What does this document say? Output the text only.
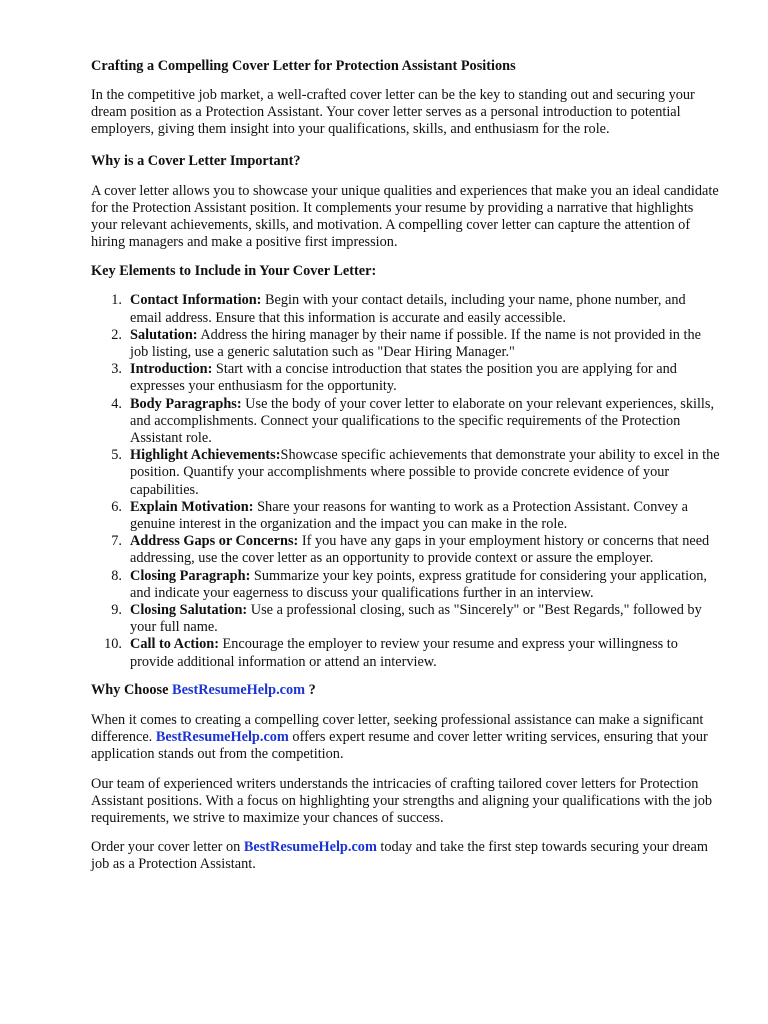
Crafting a Compelling Cover Letter for Protection Assistant Positions

In the competitive job market, a well-crafted cover letter can be the key to standing out and securing your dream position as a Protection Assistant. Your cover letter serves as a personal introduction to potential employers, giving them insight into your qualifications, skills, and enthusiasm for the role.

Why is a Cover Letter Important?

A cover letter allows you to showcase your unique qualities and experiences that make you an ideal candidate for the Protection Assistant position. It complements your resume by providing a narrative that highlights your relevant achievements, skills, and motivation. A compelling cover letter can capture the attention of hiring managers and make a positive first impression.

Key Elements to Include in Your Cover Letter:
1. Contact Information: Begin with your contact details, including your name, phone number, and email address. Ensure that this information is accurate and easily accessible.
2. Salutation: Address the hiring manager by their name if possible. If the name is not provided in the job listing, use a generic salutation such as "Dear Hiring Manager."
3. Introduction: Start with a concise introduction that states the position you are applying for and expresses your enthusiasm for the opportunity.
4. Body Paragraphs: Use the body of your cover letter to elaborate on your relevant experiences, skills, and accomplishments. Connect your qualifications to the specific requirements of the Protection Assistant role.
5. Highlight Achievements:Showcase specific achievements that demonstrate your ability to excel in the position. Quantify your accomplishments where possible to provide concrete evidence of your capabilities.
6. Explain Motivation: Share your reasons for wanting to work as a Protection Assistant. Convey a genuine interest in the organization and the impact you can make in the role.
7. Address Gaps or Concerns: If you have any gaps in your employment history or concerns that need addressing, use the cover letter as an opportunity to provide context or assure the employer.
8. Closing Paragraph: Summarize your key points, express gratitude for considering your application, and indicate your eagerness to discuss your qualifications further in an interview.
9. Closing Salutation: Use a professional closing, such as "Sincerely" or "Best Regards," followed by your full name.
10. Call to Action: Encourage the employer to review your resume and express your willingness to provide additional information or attend an interview.
Why Choose BestResumeHelp.com ?

When it comes to creating a compelling cover letter, seeking professional assistance can make a significant difference. BestResumeHelp.com offers expert resume and cover letter writing services, ensuring that your application stands out from the competition.

Our team of experienced writers understands the intricacies of crafting tailored cover letters for Protection Assistant positions. With a focus on highlighting your strengths and aligning your qualifications with the job requirements, we strive to maximize your chances of success.

Order your cover letter on BestResumeHelp.com today and take the first step towards securing your dream job as a Protection Assistant.
